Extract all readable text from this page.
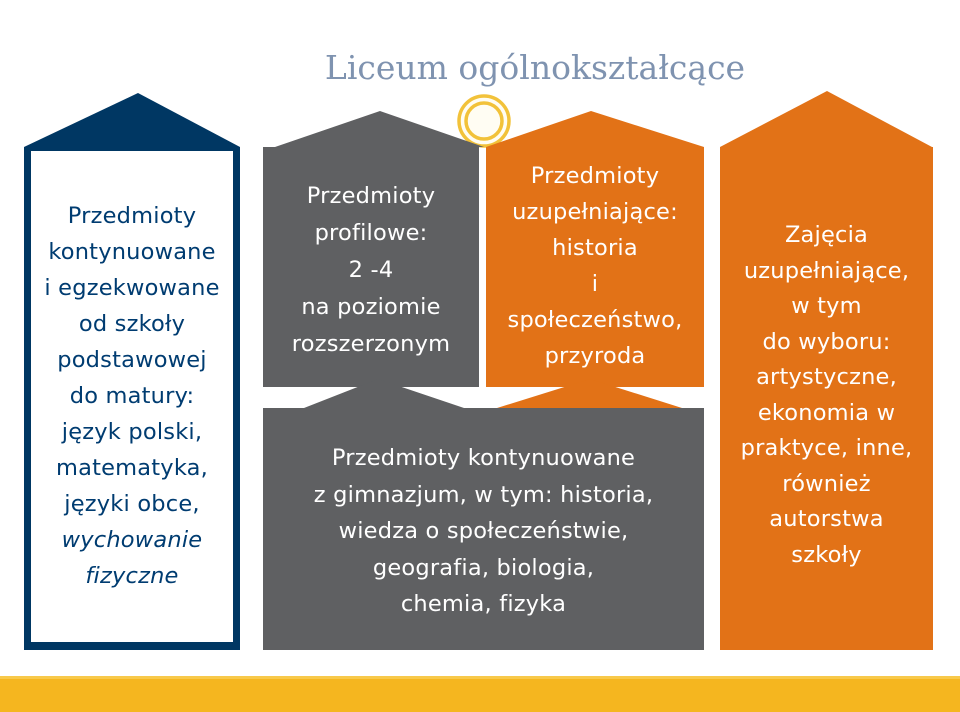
Liceum ogólnokształcące
Przedmioty
kontynuowane
i egzekwowane
od szkoły
podstawowej
do matury:
język polski,
matematyka,
języki obce,
wychowanie
fizyczne
Przedmioty
profilowe:
2 -4
na poziomie
rozszerzonym
Przedmioty
uzupełniające:
historia
i
społeczeństwo,
przyroda
Przedmioty kontynuowane
z gimnazjum, w tym: historia,
wiedza o społeczeństwie,
geografia, biologia,
chemia, fizyka
Zajęcia
uzupełniające,
w tym
do wyboru:
artystyczne,
ekonomia w
praktyce, inne,
również
autorstwa
szkoły
